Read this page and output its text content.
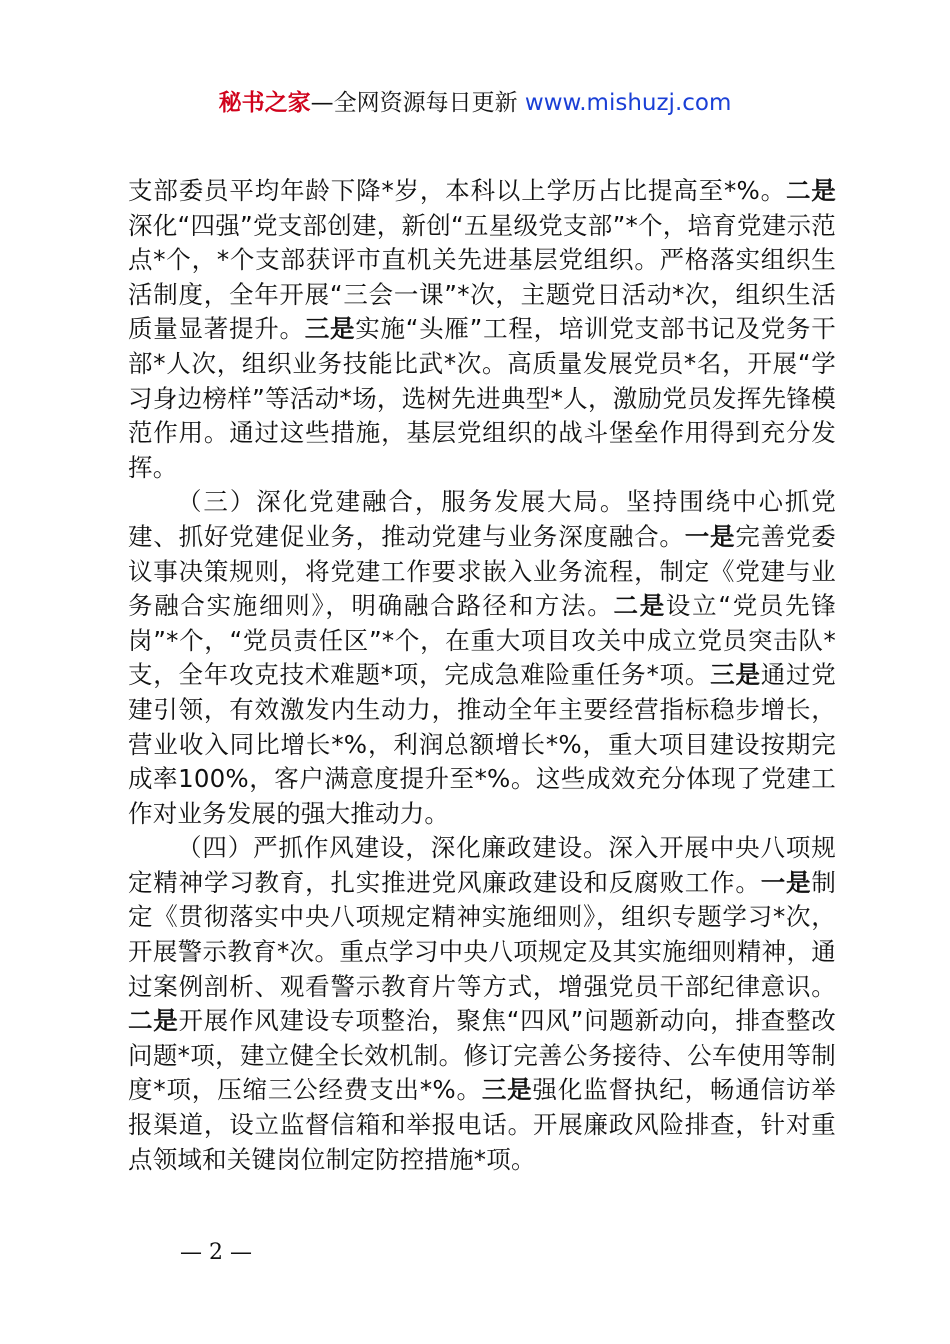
秘书之家—全网资源每日更新 www.mishuzj.com

支部委员平均年龄下降*岁，本科以上学历占比提高至*%。二是深化“四强”党支部创建，新创“五星级党支部”*个，培育党建示范点*个，*个支部获评市直机关先进基层党组织。严格落实组织生活制度，全年开展“三会一课”*次，主题党日活动*次，组织生活质量显著提升。三是实施“头雁”工程，培训党支部书记及党务干部*人次，组织业务技能比武*次。高质量发展党员*名，开展“学习身边榜样”等活动*场，选树先进典型*人，激励党员发挥先锋模范作用。通过这些措施，基层党组织的战斗堡垒作用得到充分发挥。

（三）深化党建融合，服务发展大局。坚持围绕中心抓党建、抓好党建促业务，推动党建与业务深度融合。一是完善党委议事决策规则，将党建工作要求嵌入业务流程，制定《党建与业务融合实施细则》，明确融合路径和方法。二是设立“党员先锋岗”*个，“党员责任区”*个，在重大项目攻关中成立党员突击队*支，全年攻克技术难题*项，完成急难险重任务*项。三是通过党建引领，有效激发内生动力，推动全年主要经营指标稳步增长，营业收入同比增长*%，利润总额增长*%，重大项目建设按期完成率100%，客户满意度提升至*%。这些成效充分体现了党建工作对业务发展的强大推动力。

（四）严抓作风建设，深化廉政建设。深入开展中央八项规定精神学习教育，扎实推进党风廉政建设和反腐败工作。一是制定《贯彻落实中央八项规定精神实施细则》，组织专题学习*次，开展警示教育*次。重点学习中央八项规定及其实施细则精神，通过案例剖析、观看警示教育片等方式，增强党员干部纪律意识。二是开展作风建设专项整治，聚焦“四风”问题新动向，排查整改问题*项，建立健全长效机制。修订完善公务接待、公车使用等制度*项，压缩三公经费支出*%。三是强化监督执纪，畅通信访举报渠道，设立监督信箱和举报电话。开展廉政风险排查，针对重点领域和关键岗位制定防控措施*项。

— 2 —
